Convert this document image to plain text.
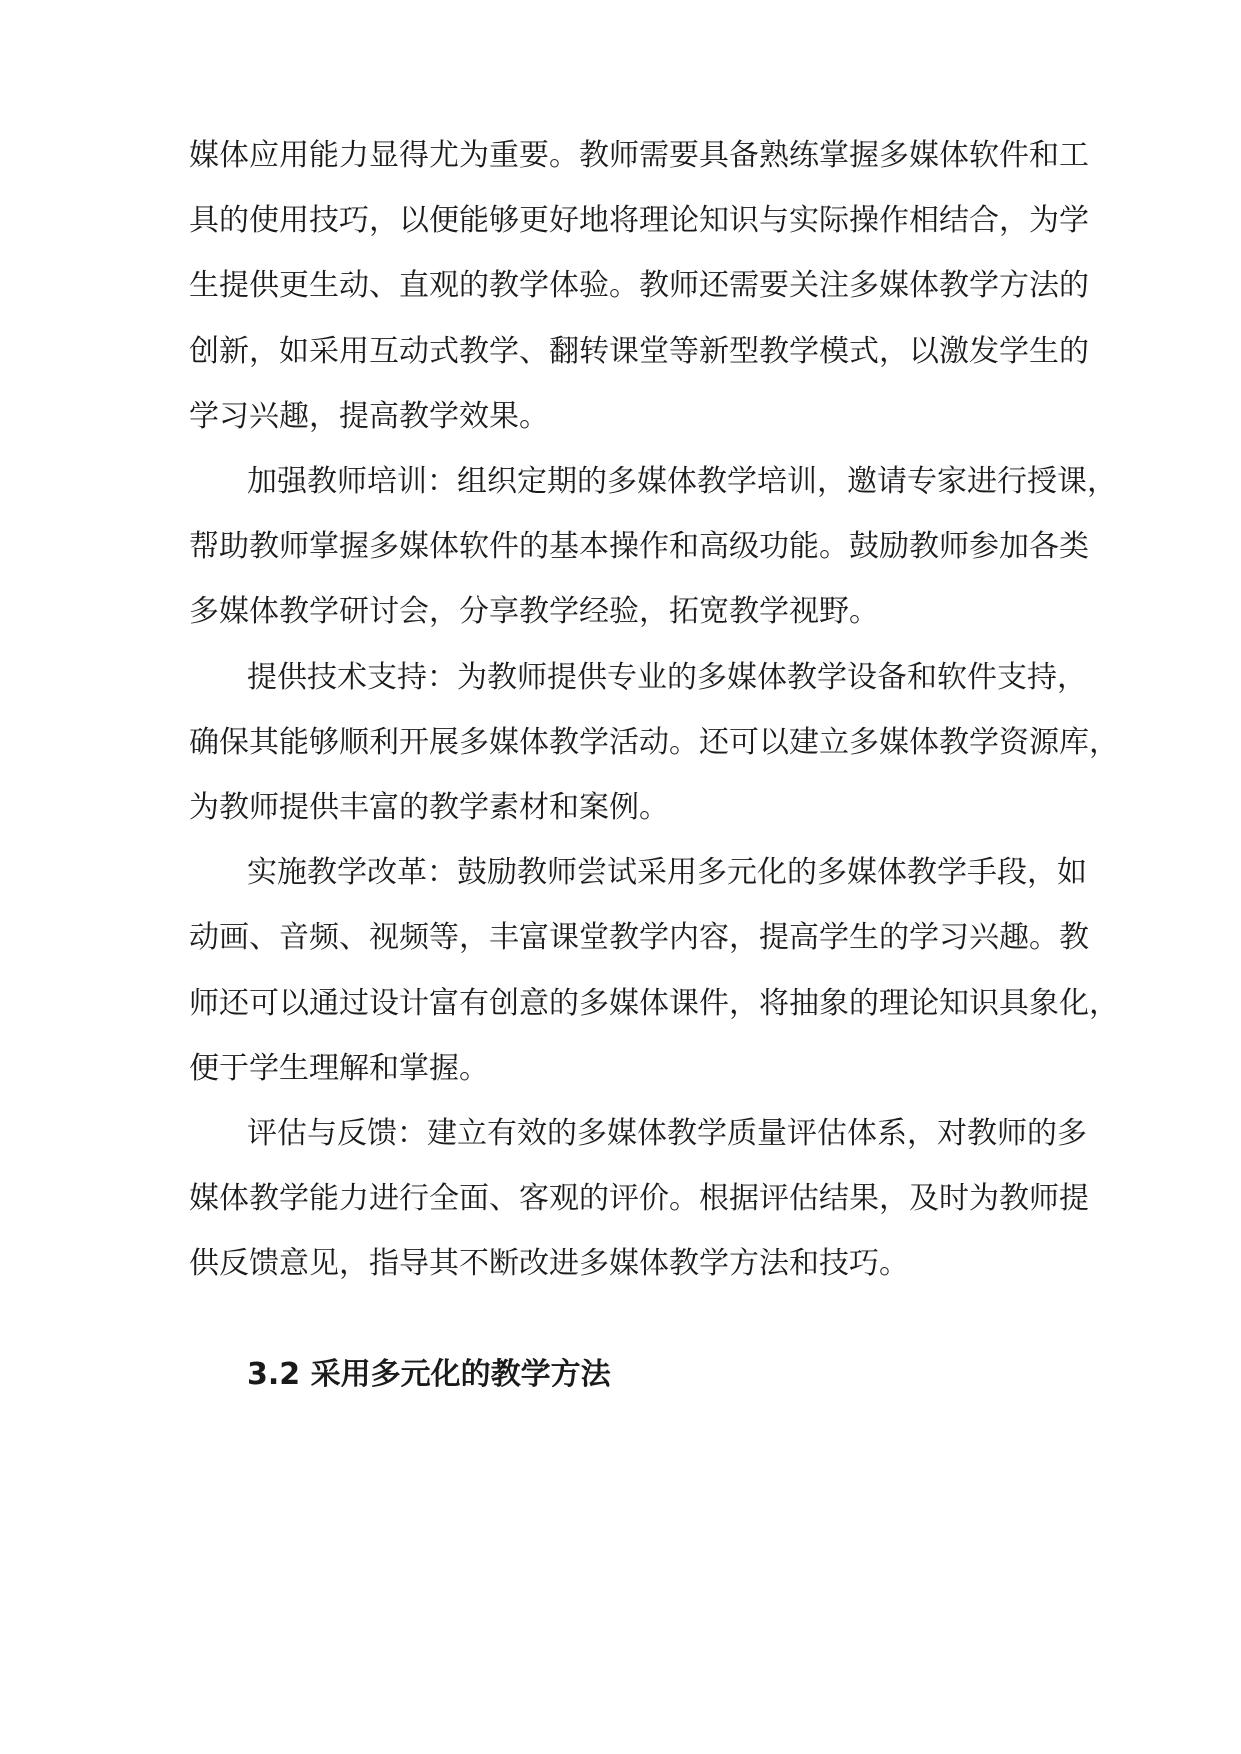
媒体应用能力显得尤为重要。教师需要具备熟练掌握多媒体软件和工
具的使用技巧，以便能够更好地将理论知识与实际操作相结合，为学
生提供更生动、直观的教学体验。教师还需要关注多媒体教学方法的
创新，如采用互动式教学、翻转课堂等新型教学模式，以激发学生的
学习兴趣，提高教学效果。
加强教师培训：组织定期的多媒体教学培训，邀请专家进行授课，
帮助教师掌握多媒体软件的基本操作和高级功能。鼓励教师参加各类
多媒体教学研讨会，分享教学经验，拓宽教学视野。
提供技术支持：为教师提供专业的多媒体教学设备和软件支持，
确保其能够顺利开展多媒体教学活动。还可以建立多媒体教学资源库，
为教师提供丰富的教学素材和案例。
实施教学改革：鼓励教师尝试采用多元化的多媒体教学手段，如
动画、音频、视频等，丰富课堂教学内容，提高学生的学习兴趣。教
师还可以通过设计富有创意的多媒体课件，将抽象的理论知识具象化，
便于学生理解和掌握。
评估与反馈：建立有效的多媒体教学质量评估体系，对教师的多
媒体教学能力进行全面、客观的评价。根据评估结果，及时为教师提
供反馈意见，指导其不断改进多媒体教学方法和技巧。
3.2 采用多元化的教学方法
